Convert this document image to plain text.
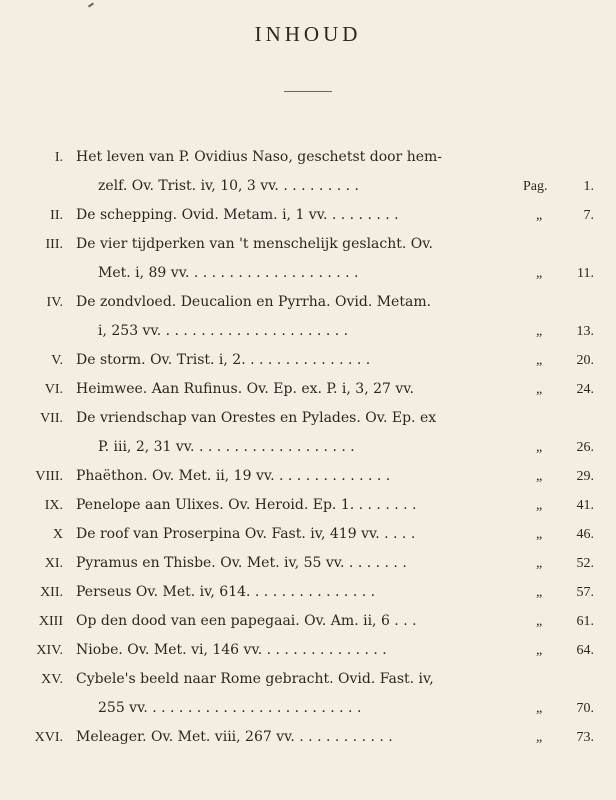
INHOUD
I. Het leven van P. Ovidius Naso, geschetst door hem-
zelf. Ov. Trist. iv, 10, 3 vv. . . . . . . . . .	Pag.	1.
II. De schepping. Ovid. Metam. i, 1 vv. . . . . . . . .	„	7.
III. De vier tijdperken van 't menschelijk geslacht. Ov.
Met. i, 89 vv. . . . . . . . . . . . . . . . . . . .	„	11.
IV. De zondvloed. Deucalion en Pyrrha. Ovid. Metam.
i, 253 vv. . . . . . . . . . . . . . . . . . . . . .	„	13.
V. De storm. Ov. Trist. i, 2. . . . . . . . . . . . . . .	„	20.
VI. Heimwee. Aan Rufinus. Ov. Ep. ex. P. i, 3, 27 vv.	„	24.
VII. De vriendschap van Orestes en Pylades. Ov. Ep. ex
P. iii, 2, 31 vv. . . . . . . . . . . . . . . . . . .	„	26.
VIII. Phaëthon. Ov. Met. ii, 19 vv. . . . . . . . . . . . . .	„	29.
IX. Penelope aan Ulixes. Ov. Heroid. Ep. 1. . . . . . . .	„	41.
X De roof van Proserpina Ov. Fast. iv, 419 vv. . . . .	„	46.
XI. Pyramus en Thisbe. Ov. Met. iv, 55 vv. . . . . . . .	„	52.
XII. Perseus Ov. Met. iv, 614. . . . . . . . . . . . . . .	„	57.
XIII Op den dood van een papegaai. Ov. Am. ii, 6 . . .	„	61.
XIV. Niobe. Ov. Met. vi, 146 vv. . . . . . . . . . . . . . .	„	64.
XV. Cybele's beeld naar Rome gebracht. Ovid. Fast. iv,
255 vv. . . . . . . . . . . . . . . . . . . . . . . . .	„	70.
XVI. Meleager. Ov. Met. viii, 267 vv. . . . . . . . . . . .	„	73.
